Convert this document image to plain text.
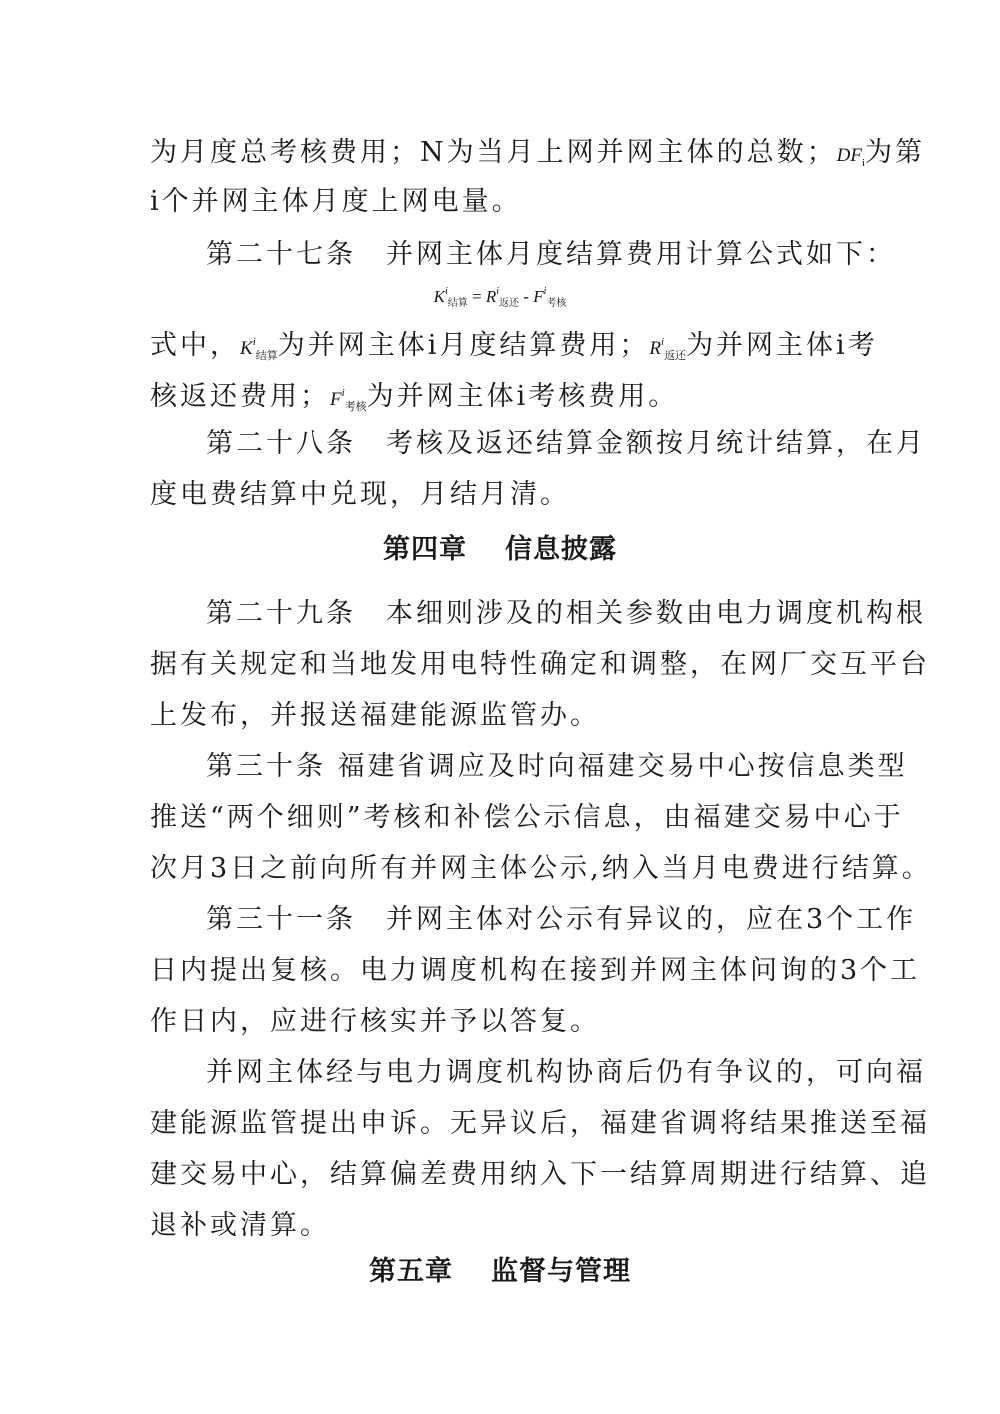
为月度总考核费用；N为当月上网并网主体的总数；$DF_i$为第
i个并网主体月度上网电量。
第二十七条　并网主体月度结算费用计算公式如下：
$K^i_{结算} = R^i_{返还} - F^i_{考核}$
式中，$K^i_{结算}$为并网主体i月度结算费用；$R^i_{返还}$为并网主体i考
核返还费用；$F^i_{考核}$为并网主体i考核费用。
第二十八条　考核及返还结算金额按月统计结算，在月
度电费结算中兑现，月结月清。
第四章 信息披露
第二十九条　本细则涉及的相关参数由电力调度机构根
据有关规定和当地发用电特性确定和调整，在网厂交互平台
上发布，并报送福建能源监管办。
第三十条 福建省调应及时向福建交易中心按信息类型
推送“两个细则”考核和补偿公示信息，由福建交易中心于
次月3日之前向所有并网主体公示,纳入当月电费进行结算。
第三十一条　并网主体对公示有异议的，应在3个工作
日内提出复核。电力调度机构在接到并网主体问询的3个工
作日内，应进行核实并予以答复。
并网主体经与电力调度机构协商后仍有争议的，可向福
建能源监管提出申诉。无异议后，福建省调将结果推送至福
建交易中心，结算偏差费用纳入下一结算周期进行结算、追
退补或清算。
第五章 监督与管理
